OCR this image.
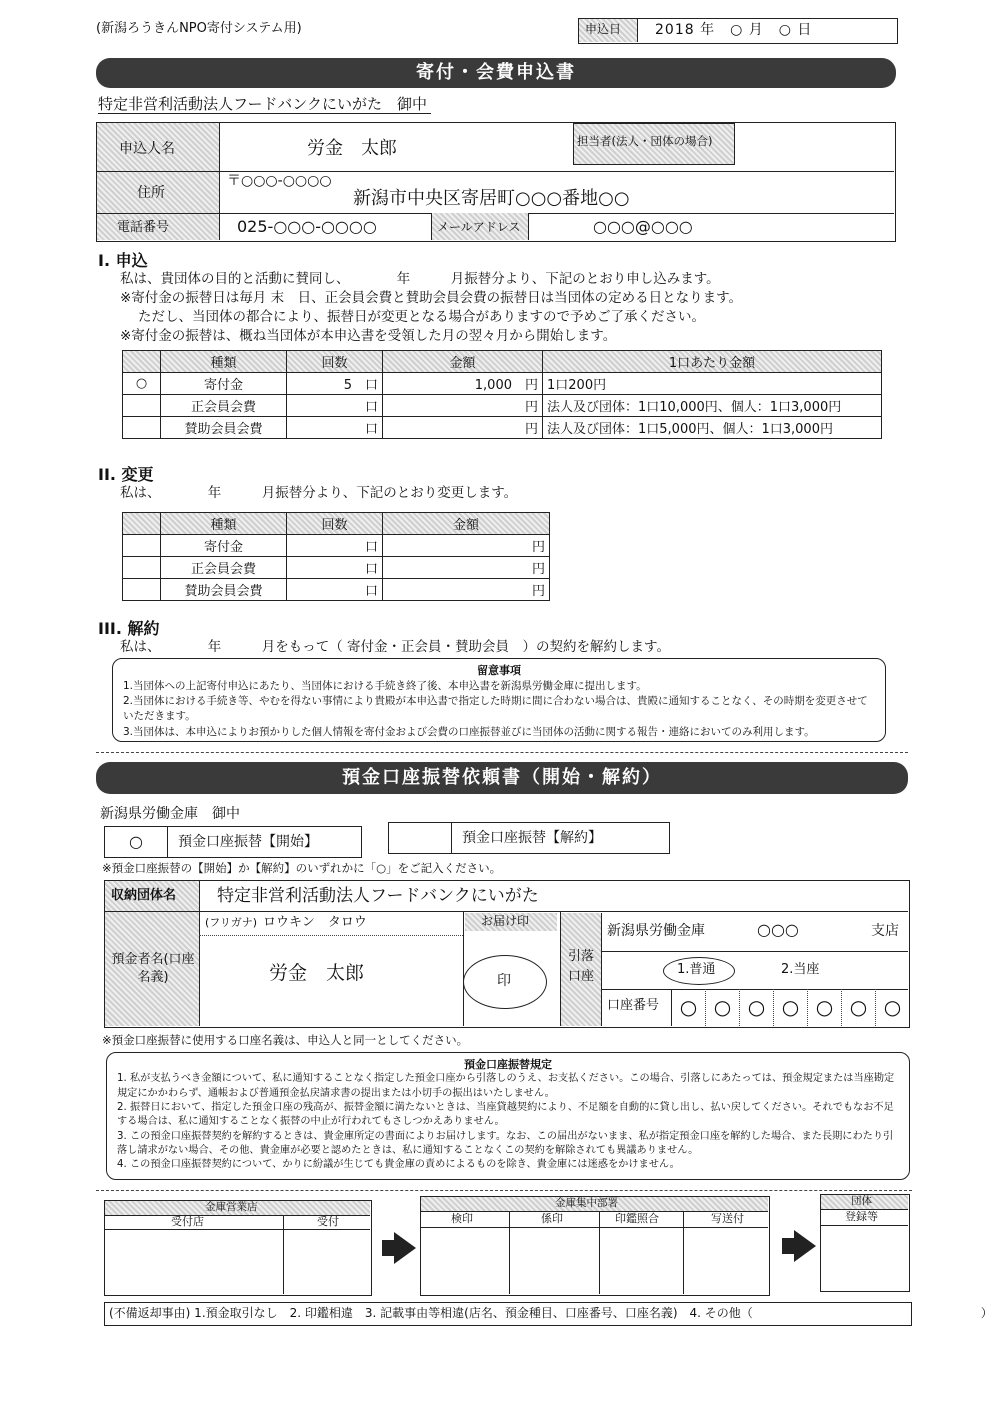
(新潟ろうきんNPO寄付システム用)	申込日 2018 年　○ 月　○ 日
寄付・会費申込書
特定非営利活動法人フードバンクにいがた　御中
申込人名	労金　太郎	担当者(法人・団体の場合)
住所
〒○○○-○○○○
新潟市中央区寄居町○○○番地○○
電話番号	025-○○○-○○○○	メールアドレス	○○○@○○○
I. 申込
私は、貴団体の目的と活動に賛同し、　　　　年　　　月振替分より、下記のとおり申し込みます。
※寄付金の振替日は毎月 末　日、正会員会費と賛助会員会費の振替日は当団体の定める日となります。
ただし、当団体の都合により、振替日が変更となる場合がありますので予めご了承ください。
※寄付金の振替は、概ね当団体が本申込書を受領した月の翌々月から開始します。
	種類	回数	金額	1口あたり金額
○	寄付金	5　口	1,000　円	1口200円
	正会員会費	口	円	法人及び団体：1口10,000円、個人：1口3,000円
	賛助会員会費	口	円	法人及び団体：1口5,000円、個人：1口3,000円
II. 変更
私は、　　　　年　　　月振替分より、下記のとおり変更します。
	種類	回数	金額
	寄付金	口	円
	正会員会費	口	円
	賛助会員会費	口	円
III. 解約
私は、　　　　年　　　月をもって（ 寄付金・正会員・賛助会員　）の契約を解約します。
留意事項
1.当団体への上記寄付申込にあたり、当団体における手続き終了後、本申込書を新潟県労働金庫に提出します。
2.当団体における手続き等、やむを得ない事情により貴殿が本申込書で指定した時期に間に合わない場合は、貴殿に通知することなく、その時期を変更させていただきます。
3.当団体は、本申込によりお預かりした個人情報を寄付金および会費の口座振替並びに当団体の活動に関する報告・連絡においてのみ利用します。
預金口座振替依頼書（開始・解約）
新潟県労働金庫　御中
○	預金口座振替【開始】	預金口座振替【解約】
※預金口座振替の【開始】か【解約】のいずれかに「○」をご記入ください。
収納団体名 特定非営利活動法人フードバンクにいがた
預金者名(口座名義)
(フリガナ) ロウキン　タロウ
労金　太郎
お届け印
印
引落口座
新潟県労働金庫	○○○	支店
1.普通	2.当座
口座番号	○ ○ ○ ○ ○ ○ ○
※預金口座振替に使用する口座名義は、申込人と同一としてください。
預金口座振替規定
1. 私が支払うべき金額について、私に通知することなく指定した預金口座から引落しのうえ、お支払ください。この場合、引落しにあたっては、預金規定または当座勘定規定にかかわらず、通帳および普通預金払戻請求書の提出または小切手の振出はいたしません。
2. 振替日において、指定した預金口座の残高が、振替金額に満たないときは、当座貸越契約により、不足額を自動的に貸し出し、払い戻してください。それでもなお不足する場合は、私に通知することなく振替の中止が行われてもさしつかえありません。
3. この預金口座振替契約を解約するときは、貴金庫所定の書面によりお届けします。なお、この届出がないまま、私が指定預金口座を解約した場合、また長期にわたり引落し請求がない場合、その他、貴金庫が必要と認めたときは、私に通知することなくこの契約を解除されても異議ありません。
4. この預金口座振替契約について、かりに紛議が生じても貴金庫の責めによるものを除き、貴金庫には迷惑をかけません。
金庫営業店
受付店	受付
金庫集中部署
検印	係印	印鑑照合	写送付
団体
登録等
(不備返却事由) 1.預金取引なし　2. 印鑑相違　3. 記載事由等相違(店名、預金種目、口座番号、口座名義)　4. その他（　　　　　　　　　　　　　　　　　　　）
